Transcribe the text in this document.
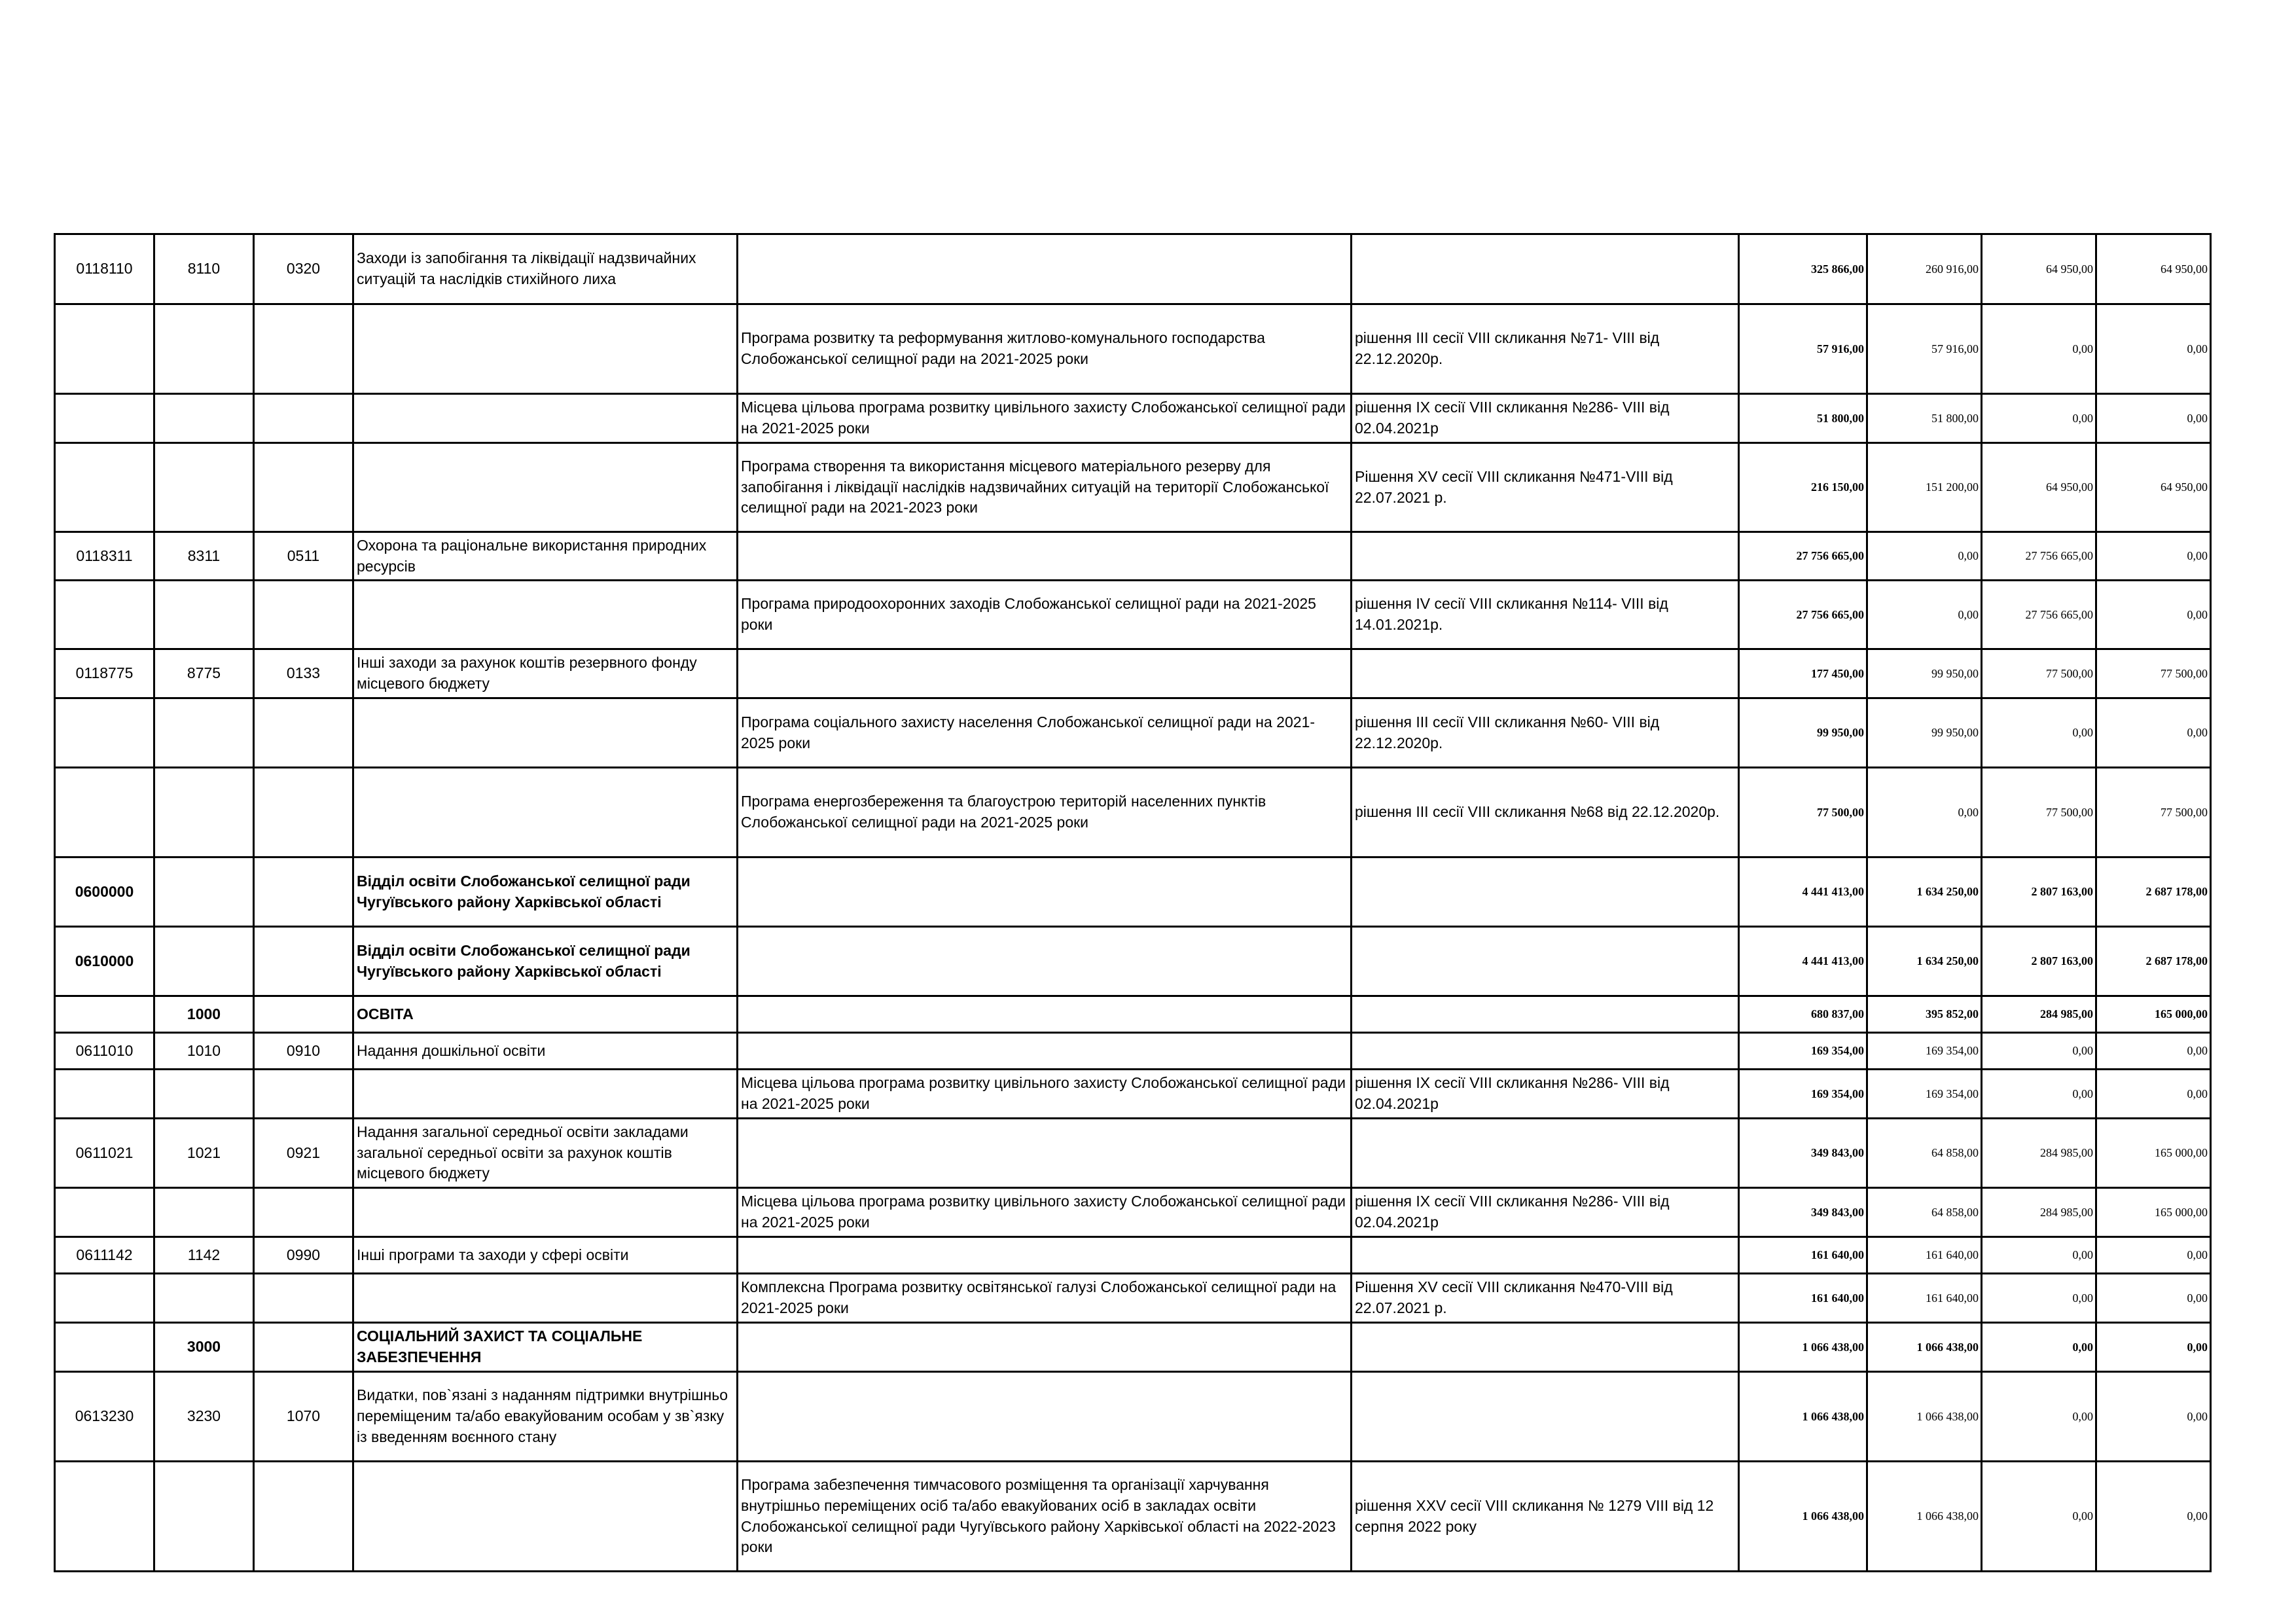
0118110	8110	0320	Заходи із запобігання та ліквідації надзвичайних ситуацій та наслідків стихійного лиха			325 866,00	260 916,00	64 950,00	64 950,00
				Програма розвитку та реформування житлово-комунального господарства Слобожанської селищної ради на 2021-2025 роки	рішення III сесії VIII скликання №71- VIII від 22.12.2020р.	57 916,00	57 916,00	0,00	0,00
				Місцева цільова програма розвитку цивільного захисту Слобожанської селищної ради на 2021-2025 роки	рішення IX сесії VIII скликання №286- VIII від 02.04.2021р	51 800,00	51 800,00	0,00	0,00
				Програма створення та використання місцевого матеріального резерву для запобігання і ліквідації наслідків надзвичайних ситуацій на території Слобожанської селищної ради на 2021-2023 роки	Рішення XV сесії VIII скликання №471-VIII від 22.07.2021 р.	216 150,00	151 200,00	64 950,00	64 950,00
0118311	8311	0511	Охорона та раціональне використання природних ресурсів			27 756 665,00	0,00	27 756 665,00	0,00
				Програма природоохоронних заходів Слобожанської селищної ради на 2021-2025 роки	рішення IV сесії VIII скликання №114- VIII від 14.01.2021р.	27 756 665,00	0,00	27 756 665,00	0,00
0118775	8775	0133	Інші заходи за рахунок коштів резервного фонду місцевого бюджету			177 450,00	99 950,00	77 500,00	77 500,00
				Програма соціального захисту населення Слобожанської селищної ради на 2021-2025 роки	рішення III сесії VIII скликання №60- VIII від 22.12.2020р.	99 950,00	99 950,00	0,00	0,00
				Програма енергозбереження та благоустрою територій населенних пунктів Слобожанської селищної ради на 2021-2025 роки	рішення III сесії VIII скликання №68 від 22.12.2020р.	77 500,00	0,00	77 500,00	77 500,00
0600000			Відділ освіти Слобожанської селищної ради Чугуївського району Харківської області			4 441 413,00	1 634 250,00	2 807 163,00	2 687 178,00
0610000			Відділ освіти Слобожанської селищної ради Чугуївського району Харківської області			4 441 413,00	1 634 250,00	2 807 163,00	2 687 178,00
	1000		ОСВІТА			680 837,00	395 852,00	284 985,00	165 000,00
0611010	1010	0910	Надання дошкільної освіти			169 354,00	169 354,00	0,00	0,00
				Місцева цільова програма розвитку цивільного захисту Слобожанської селищної ради на 2021-2025 роки	рішення IX сесії VIII скликання №286- VIII від 02.04.2021р	169 354,00	169 354,00	0,00	0,00
0611021	1021	0921	Надання загальної середньої освіти закладами загальної середньої освіти за рахунок коштів місцевого бюджету			349 843,00	64 858,00	284 985,00	165 000,00
				Місцева цільова програма розвитку цивільного захисту Слобожанської селищної ради на 2021-2025 роки	рішення IX сесії VIII скликання №286- VIII від 02.04.2021р	349 843,00	64 858,00	284 985,00	165 000,00
0611142	1142	0990	Інші програми та заходи у сфері освіти			161 640,00	161 640,00	0,00	0,00
				Комплексна Програма розвитку освітянської галузі Слобожанської селищної ради на 2021-2025 роки	Рішення XV сесії VIII скликання №470-VIII від 22.07.2021 р.	161 640,00	161 640,00	0,00	0,00
	3000		СОЦІАЛЬНИЙ ЗАХИСТ ТА СОЦІАЛЬНЕ ЗАБЕЗПЕЧЕННЯ			1 066 438,00	1 066 438,00	0,00	0,00
0613230	3230	1070	Видатки, пов`язані з наданням підтримки внутрішньо переміщеним та/або евакуйованим особам у зв`язку із введенням воєнного стану			1 066 438,00	1 066 438,00	0,00	0,00
				Програма забезпечення тимчасового розміщення та організації харчування внутрішньо переміщених осіб та/або евакуйованих осіб в закладах освіти Слобожанської селищної ради Чугуївського району Харківської області на 2022-2023 роки	рішення XXV сесії VIII скликання № 1279 VIII від 12 серпня 2022 року	1 066 438,00	1 066 438,00	0,00	0,00
